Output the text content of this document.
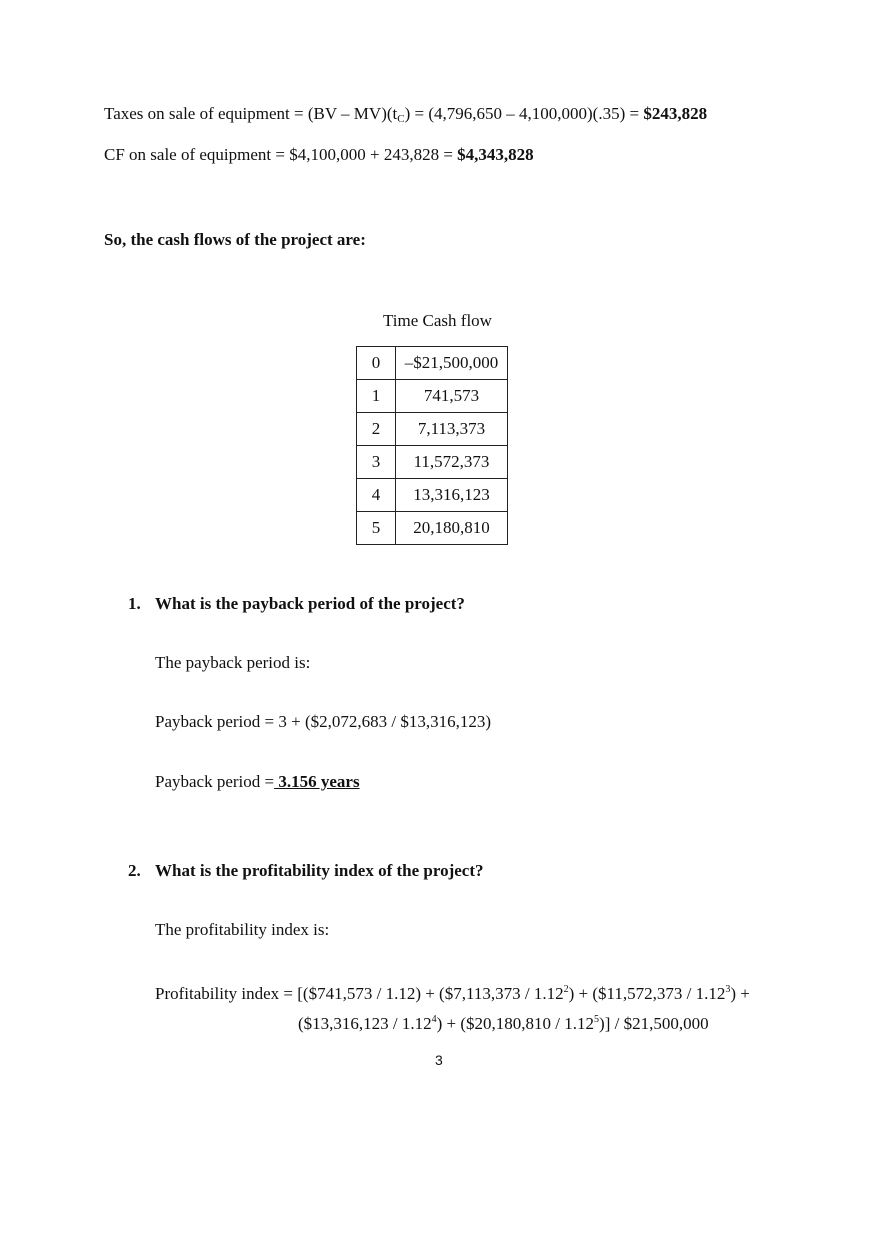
Taxes on sale of equipment = $(BV - MV)(t_C) = (4,796,650 - 4,100,000)(.35)$ = $243,828
CF on sale of equipment = $4,100,000 + 243,828 = $4,343,828
So, the cash flows of the project are:
Time Cash flow
0	–$21,500,000
1	741,573
2	7,113,373
3	11,572,373
4	13,316,123
5	20,180,810
1. What is the payback period of the project?
The payback period is:
Payback period = 3 + ($2,072,683 / $13,316,123)
Payback period = 3.156 years
2. What is the profitability index of the project?
The profitability index is:
Profitability index = [($741,573 / 1.12) + ($7,113,373 / $1.12^2$) + ($11,572,373 / $1.12^3$) +
($13,316,123 / $1.12^4$) + ($20,180,810 / 1.12$^5$)] / $21,500,000
3
